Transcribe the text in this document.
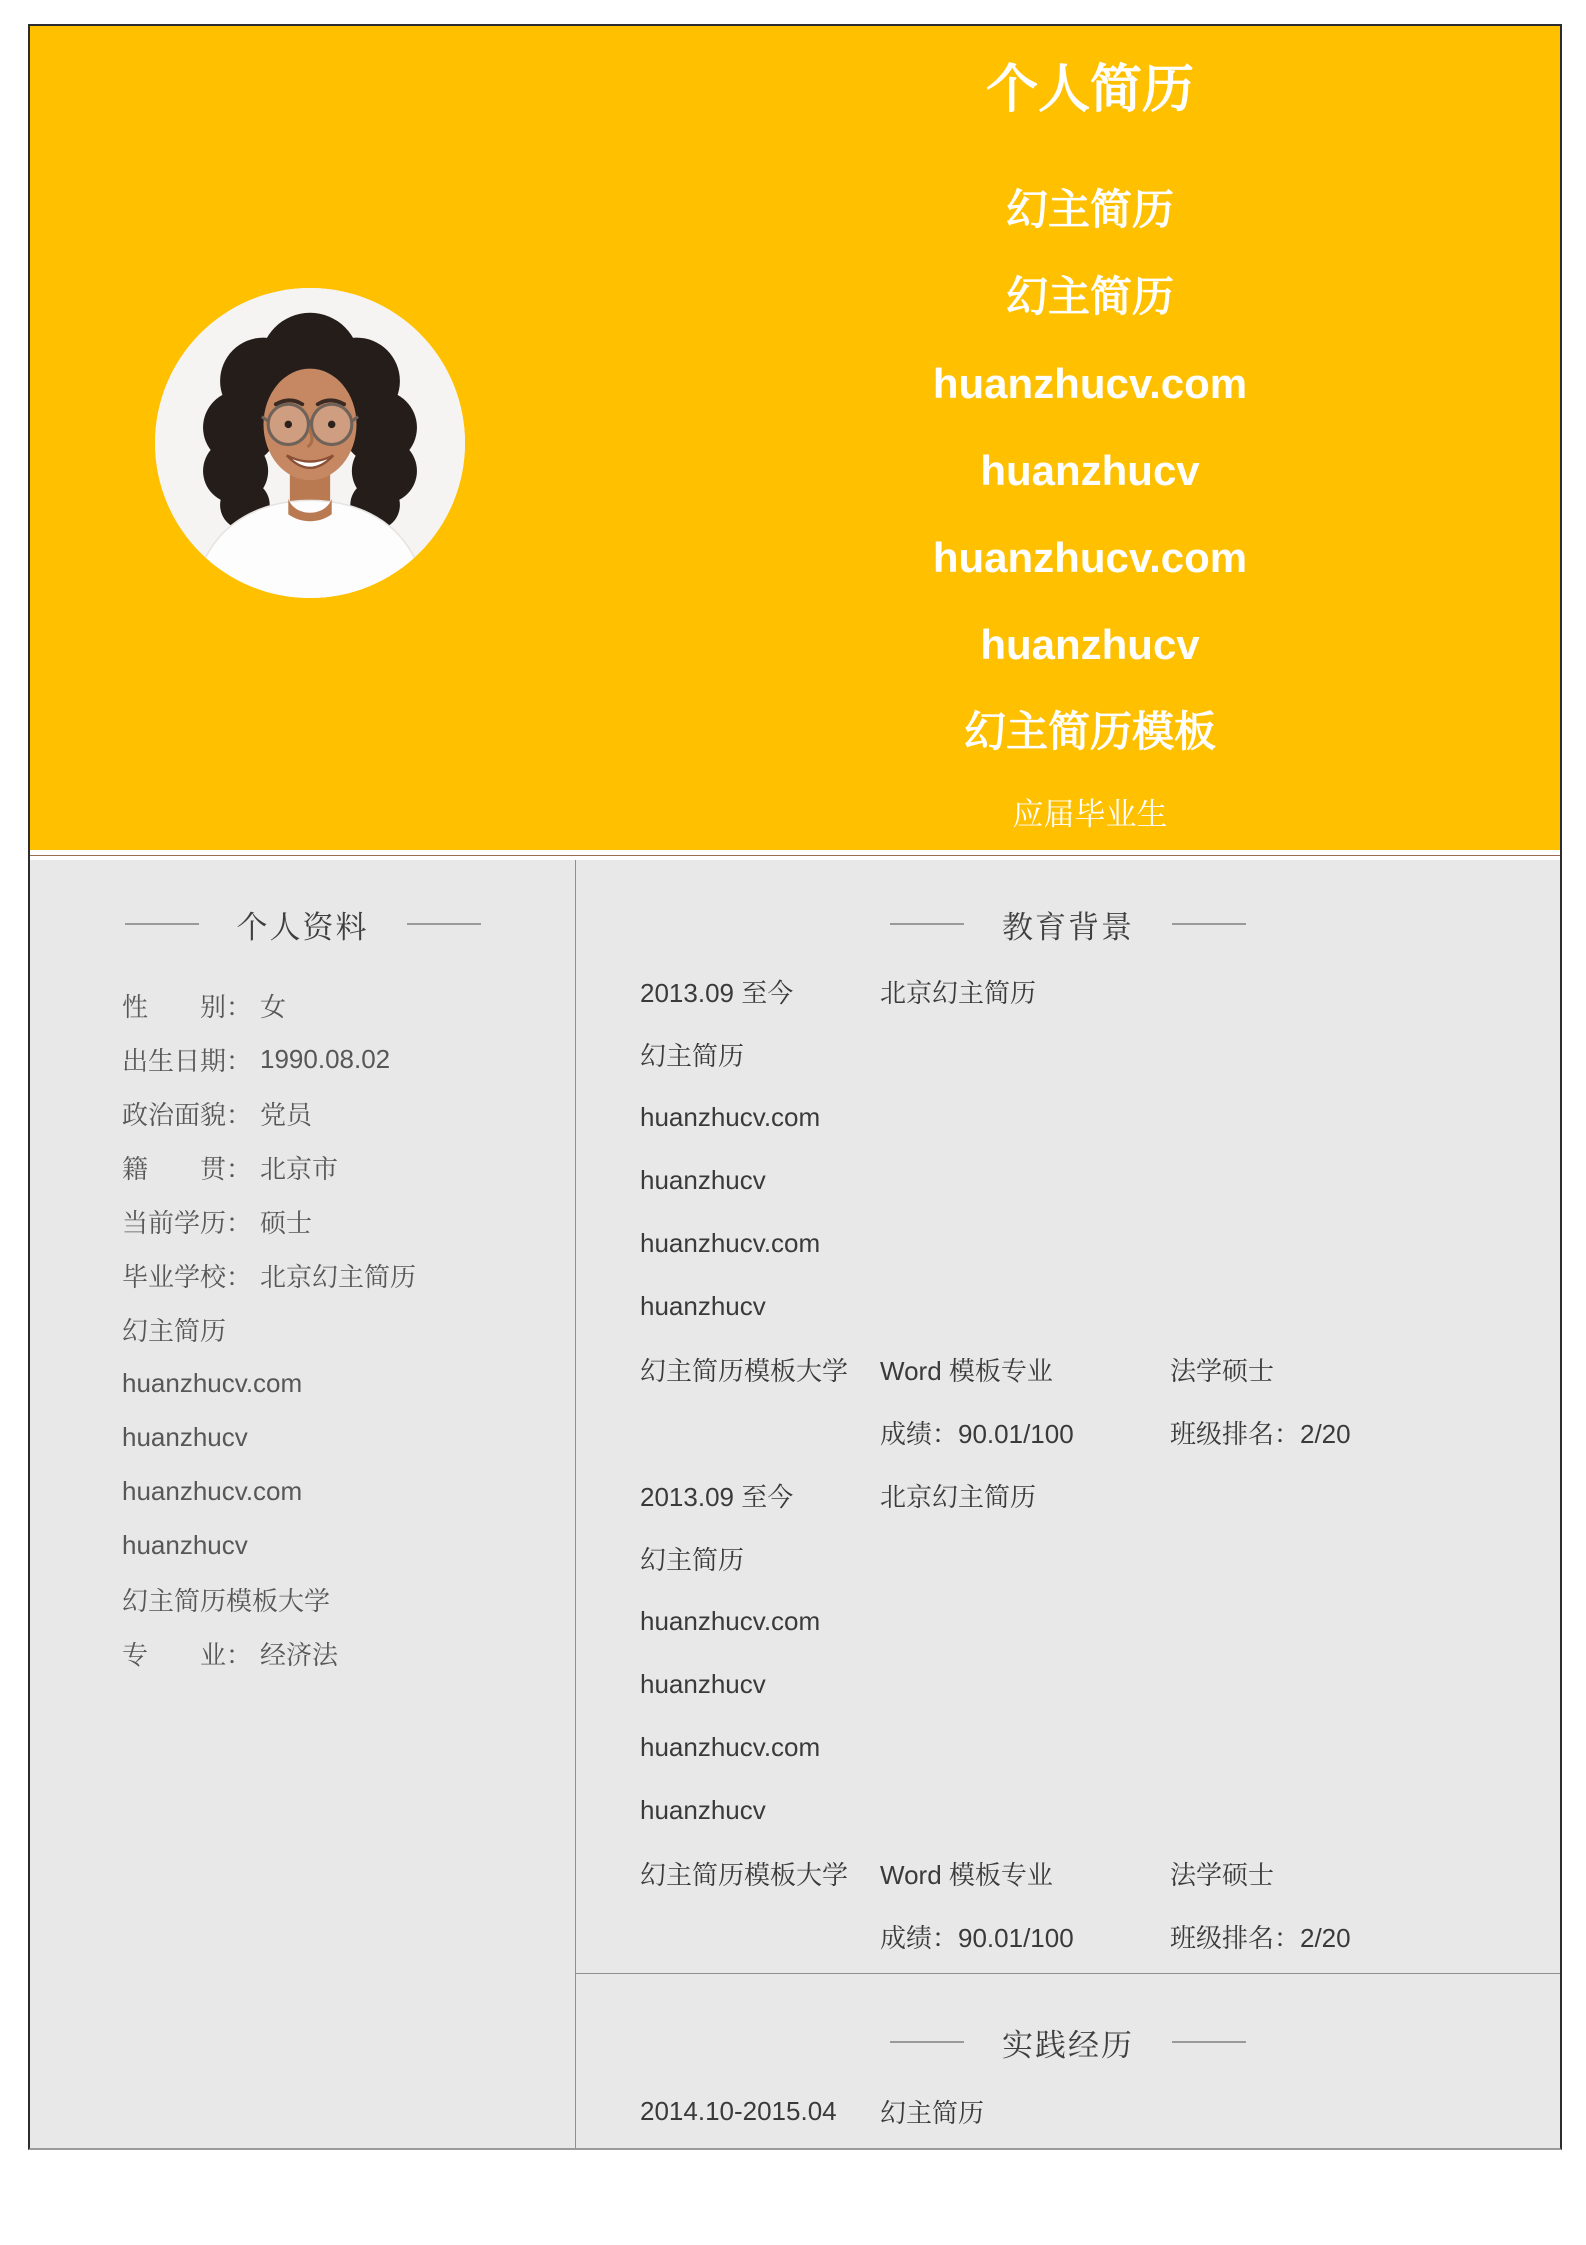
个人简历
幻主简历
幻主简历
huanzhucv.com
huanzhucv
huanzhucv.com
huanzhucv
幻主简历模板
应届毕业生
个人资料
性　　别： 女
出生日期： 1990.08.02
政治面貌： 党员
籍　　贯： 北京市
当前学历： 硕士
毕业学校： 北京幻主简历
幻主简历
huanzhucv.com
huanzhucv
huanzhucv.com
huanzhucv
幻主简历模板大学
专　　业： 经济法
教育背景
2013.09 至今	北京幻主简历
幻主简历
huanzhucv.com
huanzhucv
huanzhucv.com
huanzhucv
幻主简历模板大学	Word 模板专业	法学硕士
成绩：90.01/100	班级排名：2/20
2013.09 至今	北京幻主简历
幻主简历
huanzhucv.com
huanzhucv
huanzhucv.com
huanzhucv
幻主简历模板大学	Word 模板专业	法学硕士
成绩：90.01/100	班级排名：2/20
实践经历
2014.10-2015.04	幻主简历
